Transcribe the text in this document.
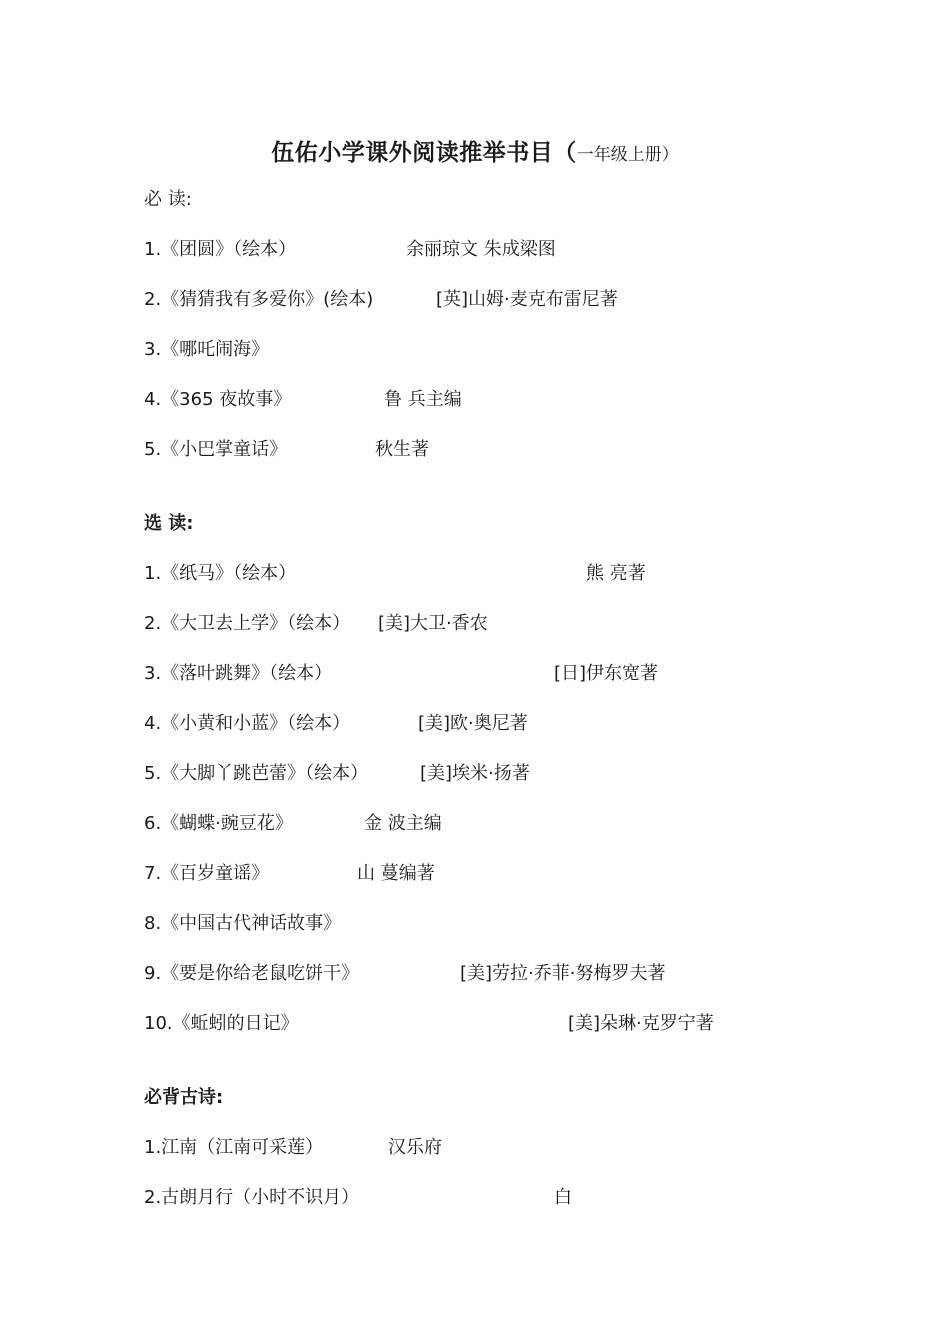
伍佑小学课外阅读推举书目（一年级上册）
必 读:
1.《团圆》（绘本）	余丽琼文 朱成梁图
2.《猜猜我有多爱你》(绘本)	[英]山姆·麦克布雷尼著
3.《哪吒闹海》
4.《365 夜故事》	鲁 兵主编
5.《小巴掌童话》	秋生著
选 读:
1.《纸马》（绘本）	熊 亮著
2.《大卫去上学》（绘本） [美]大卫·香农
3.《落叶跳舞》（绘本）	[日]伊东宽著
4.《小黄和小蓝》（绘本）	[美]欧·奥尼著
5.《大脚丫跳芭蕾》（绘本）	[美]埃米·扬著
6.《蝴蝶·豌豆花》	金 波主编
7.《百岁童谣》	山 蔓编著
8.《中国古代神话故事》
9.《要是你给老鼠吃饼干》	[美]劳拉·乔菲·努梅罗夫著
10.《蚯蚓的日记》	[美]朵琳·克罗宁著
必背古诗:
1.江南（江南可采莲）	汉乐府
2.古朗月行（小时不识月）	白
